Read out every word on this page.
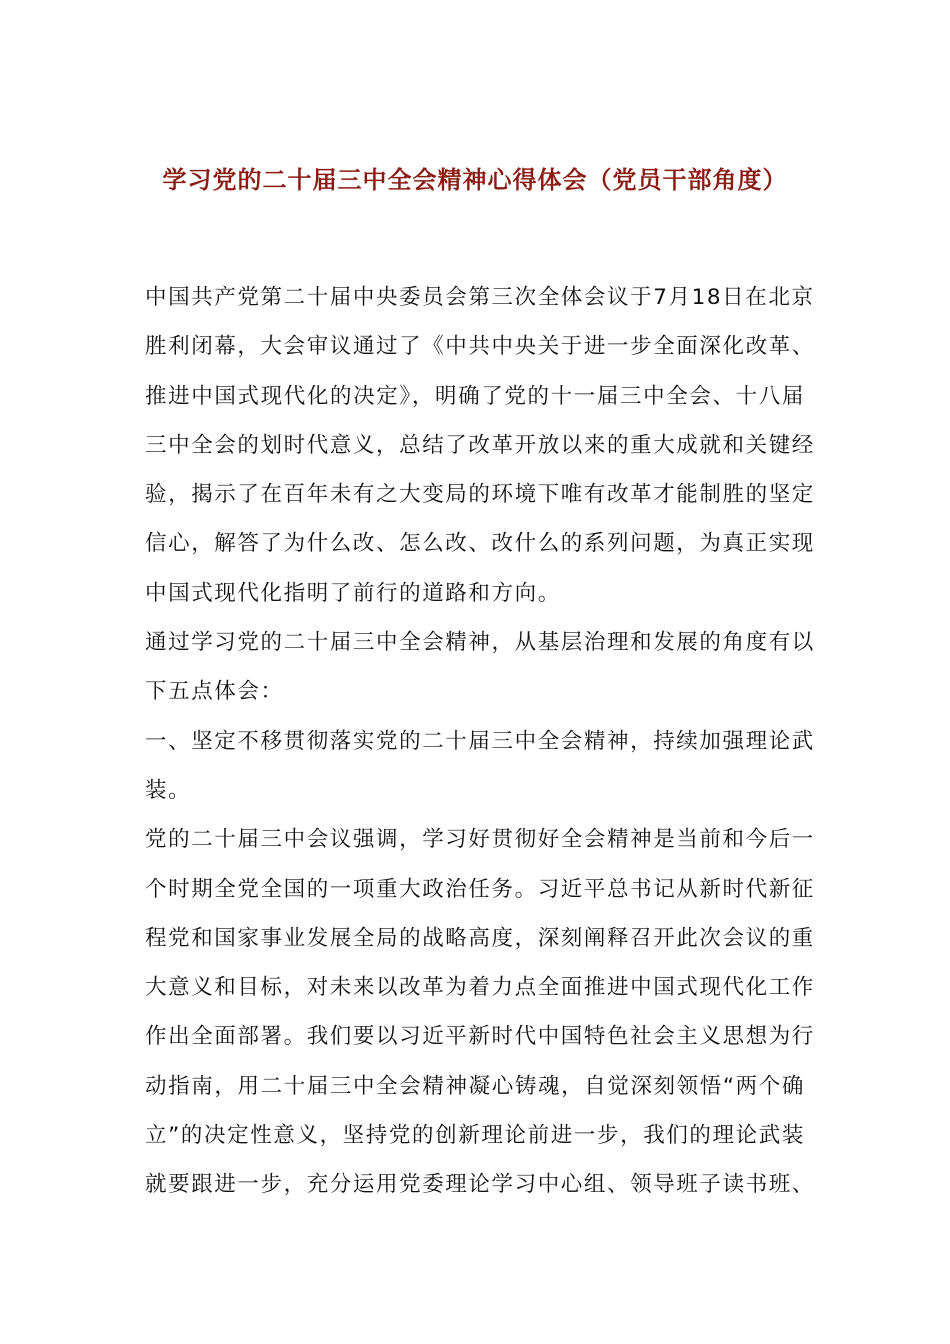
学习党的二十届三中全会精神心得体会（党员干部角度）
中国共产党第二十届中央委员会第三次全体会议于7月18日在北京
胜利闭幕，大会审议通过了《中共中央关于进一步全面深化改革、
推进中国式现代化的决定》，明确了党的十一届三中全会、十八届
三中全会的划时代意义，总结了改革开放以来的重大成就和关键经
验，揭示了在百年未有之大变局的环境下唯有改革才能制胜的坚定
信心，解答了为什么改、怎么改、改什么的系列问题，为真正实现
中国式现代化指明了前行的道路和方向。
通过学习党的二十届三中全会精神，从基层治理和发展的角度有以
下五点体会：
一、坚定不移贯彻落实党的二十届三中全会精神，持续加强理论武
装。
党的二十届三中会议强调，学习好贯彻好全会精神是当前和今后一
个时期全党全国的一项重大政治任务。习近平总书记从新时代新征
程党和国家事业发展全局的战略高度，深刻阐释召开此次会议的重
大意义和目标，对未来以改革为着力点全面推进中国式现代化工作
作出全面部署。我们要以习近平新时代中国特色社会主义思想为行
动指南，用二十届三中全会精神凝心铸魂，自觉深刻领悟“两个确
立”的决定性意义，坚持党的创新理论前进一步，我们的理论武装
就要跟进一步，充分运用党委理论学习中心组、领导班子读书班、
